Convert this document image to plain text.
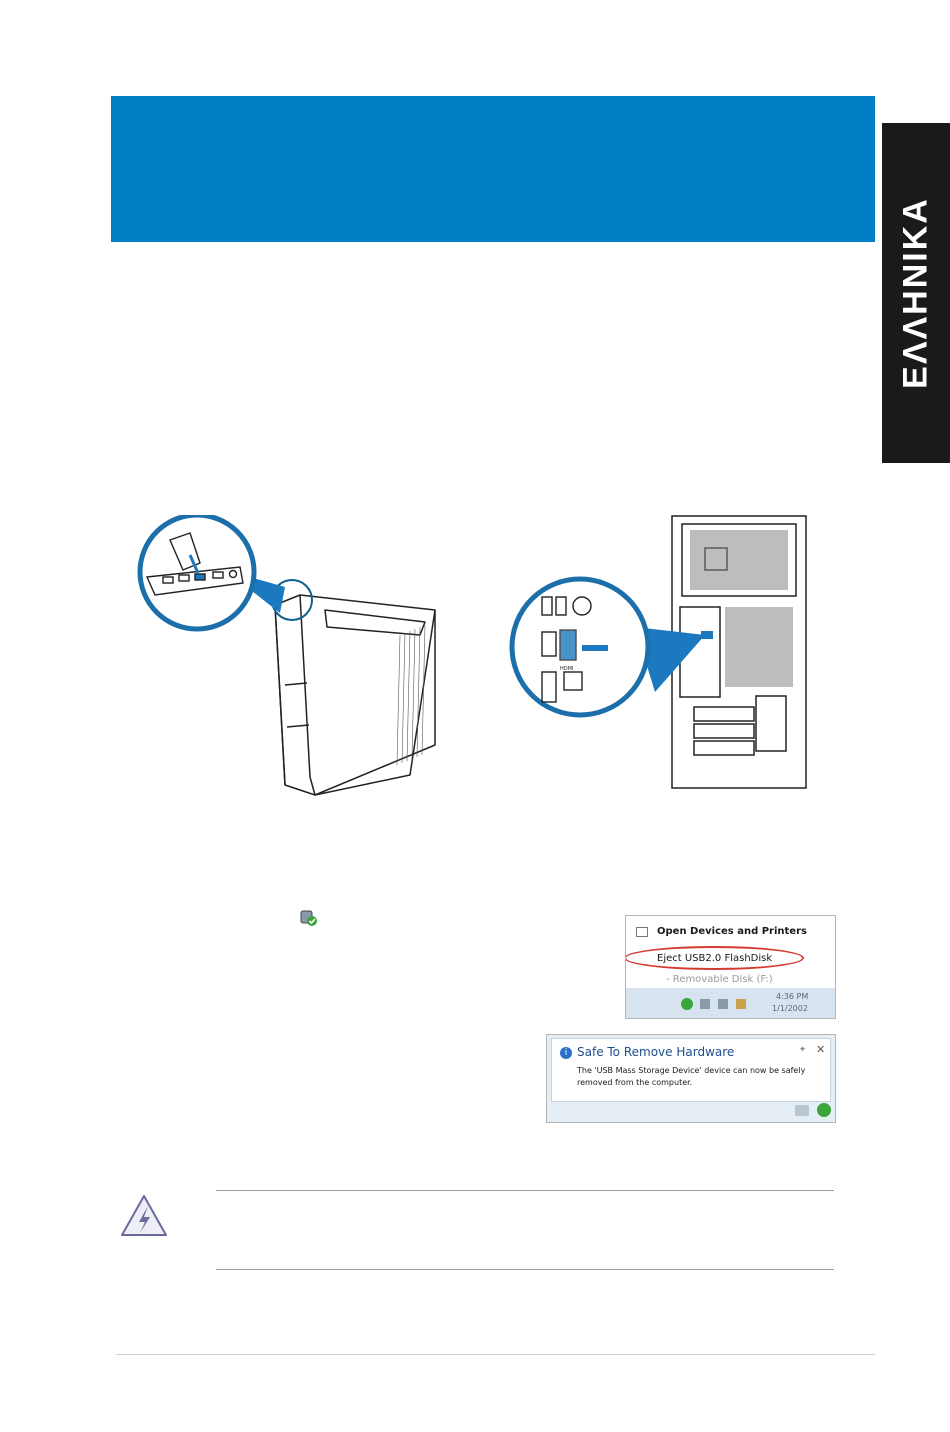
ΕΛΛΗΝΙΚΑ
HDMI
Open Devices and Printers
Eject USB2.0 FlashDisk
- Removable Disk (F:)
4:36 PM
1/1/2002
i Safe To Remove Hardware	⌖ ✕
The 'USB Mass Storage Device' device can now be safely
removed from the computer.
